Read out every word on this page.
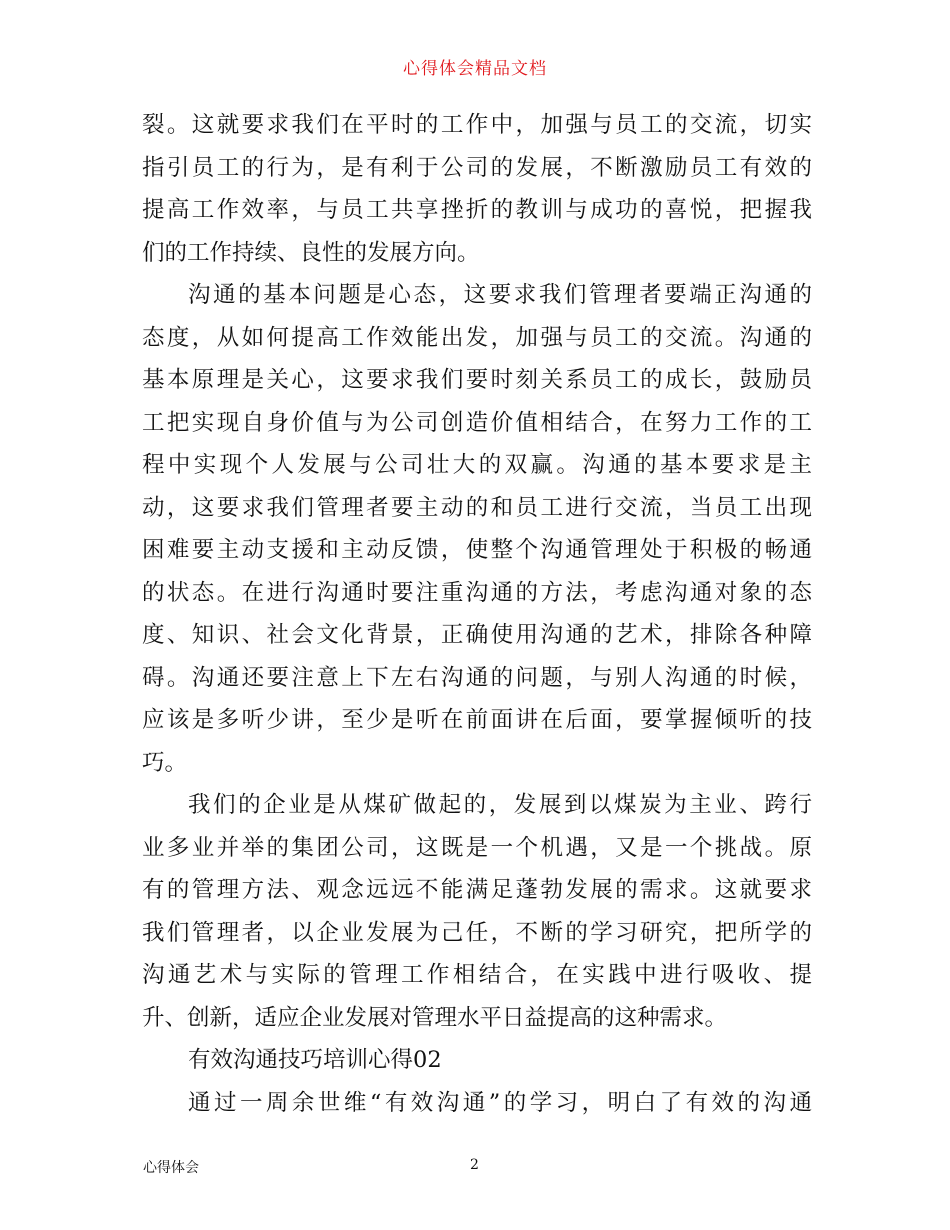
心得体会精品文档
裂。这就要求我们在平时的工作中，加强与员工的交流，切实
指引员工的行为，是有利于公司的发展，不断激励员工有效的
提高工作效率，与员工共享挫折的教训与成功的喜悦，把握我
们的工作持续、良性的发展方向。
沟通的基本问题是心态，这要求我们管理者要端正沟通的
态度，从如何提高工作效能出发，加强与员工的交流。沟通的
基本原理是关心，这要求我们要时刻关系员工的成长，鼓励员
工把实现自身价值与为公司创造价值相结合，在努力工作的工
程中实现个人发展与公司壮大的双赢。沟通的基本要求是主
动，这要求我们管理者要主动的和员工进行交流，当员工出现
困难要主动支援和主动反馈，使整个沟通管理处于积极的畅通
的状态。在进行沟通时要注重沟通的方法，考虑沟通对象的态
度、知识、社会文化背景，正确使用沟通的艺术，排除各种障
碍。沟通还要注意上下左右沟通的问题，与别人沟通的时候，
应该是多听少讲，至少是听在前面讲在后面，要掌握倾听的技
巧。
我们的企业是从煤矿做起的，发展到以煤炭为主业、跨行
业多业并举的集团公司，这既是一个机遇，又是一个挑战。原
有的管理方法、观念远远不能满足蓬勃发展的需求。这就要求
我们管理者，以企业发展为己任，不断的学习研究，把所学的
沟通艺术与实际的管理工作相结合，在实践中进行吸收、提
升、创新，适应企业发展对管理水平日益提高的这种需求。
有效沟通技巧培训心得02
通过一周余世维“有效沟通”的学习，明白了有效的沟通
心得体会	2
